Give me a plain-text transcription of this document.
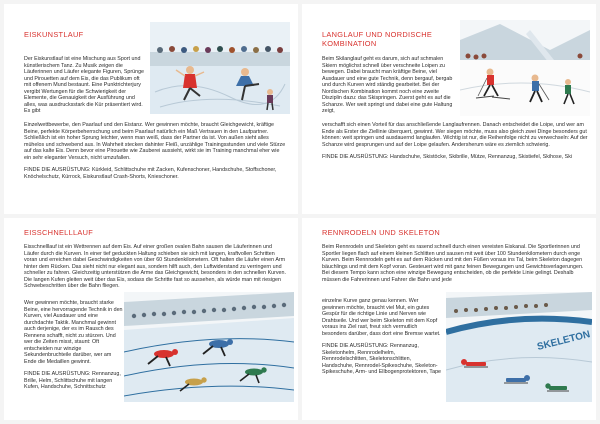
EISKUNSTLAUF

Der Eiskunstlauf ist eine Mischung aus Sport und künstlerischem Tanz. Zu Musik zeigen die Läuferinnen und Läufer elegante Figuren, Sprünge und Pirouetten auf dem Eis, die das Publikum oft mit offenem Mund bestaunt. Eine Punktrichterjury vergibt Wertungen für die Schwierigkeit der Elemente, die Genauigkeit der Ausführung und alles, was ausdrucksstark die Kür präsentiert wird. Es gibt

Einzelwettbewerbe, den Paarlauf und den Eistanz. Wer gewinnen möchte, braucht Gleichgewicht, kräftige Beine, perfekte Körperbeherrschung und beim Paarlauf natürlich ein Maß Vertrauen in den Laufpartner. Schließlich ist ein hoher Sprung leichter, wenn man weiß, dass der Partner da ist. Von außen sieht alles mühelos und schwebend aus. In Wahrheit stecken dahinter Fleiß, unzählige Trainingsstunden und viele Stürze auf das kalte Eis. Denn bevor eine Pirouette wie Zauberei aussieht, wirkt sie im Training manchmal eher wie ein sehr eleganter Versuch, nicht umzufallen.

FINDE DIE AUSRÜSTUNG: Kürkleid, Schlittschuhe mit Zacken, Kufenschoner, Handschuhe, Stoffschoner, Knöchelschutz, Kürrock, Eiskunstlauf Crash-Shorts, Knieschoner.

LANGLAUF UND NORDISCHE KOMBINATION

Beim Skilanglauf geht es darum, sich auf schmalen Skiern möglichst schnell über verschneite Loipen zu bewegen. Dabei braucht man kräftige Beine, viel Ausdauer und eine gute Technik, denn bergauf, bergab und durch Kurven wird ständig gearbeitet. Bei der Nordischen Kombination kommt noch eine zweite Disziplin dazu: das Skispringen. Zuerst geht es auf die Schanze. Wer weit springt und dabei eine gute Haltung zeigt,

verschafft sich einen Vorteil für das anschließende Langlaufrennen. Danach entscheidet die Loipe, und wer am Ende als Erster die Ziellinie überquert, gewinnt. Wer siegen möchte, muss also gleich zwei Dinge besonders gut können: weit springen und ausdauernd langlaufen. Wichtig ist nur, die Reihenfolge nicht zu verwechseln: Auf der Schanze wird gesprungen und auf der Loipe gelaufen. Andersherum wäre es ziemlich schwierig.

FINDE DIE AUSRÜSTUNG: Handschuhe, Skistöcke, Skibrille, Mütze, Rennanzug, Skistiefel, Skihose, Ski

EISSCHNELLLAUF

Eisschnelllauf ist ein Wettrennen auf dem Eis. Auf einer großen ovalen Bahn sausen die Läuferinnen und Läufer durch die Kurven. In einer tief geduckten Haltung schieben sie sich mit langen, kraftvollen Schritten voran und erreichen dabei Geschwindigkeiten von über 60 Stundenkilometern. Oft halten die Läufer einen Arm hinter dem Rücken. Das sieht nicht nur elegant aus, sondern hilft auch, den Luftwiderstand zu verringern und schneller zu fahren. Gleichzeitig unterstützen die Arme das Gleichgewicht, besonders in den schnellen Kurven. Die langen Kufen gleiten weit über das Eis, sodass die Schritte fast so aussehen, als würde man mit riesigen Schwebeschritten über die Bahn fliegen.

Wer gewinnen möchte, braucht starke Beine, eine hervorragende Technik in den Kurven, viel Ausdauer und eine durchdachte Taktik. Manchmal gewinnt auch derjenige, der es im Rausch des Rennens schafft, nicht zu stürzen. Und wer die Zeiten misst, staunt: Oft entscheiden nur winzige Sekundenbruchteile darüber, wer am Ende die Medaillen gewinnt.

FINDE DIE AUSRÜSTUNG: Rennanzug, Brille, Helm, Schlittschuhe mit langen Kufen, Handschuhe, Schnittschutz

RENNRODELN UND SKELETON

Beim Rennrodeln und Skeleton geht es rasend schnell durch einen vereisten Eiskanal. Die Sportlerinnen und Sportler liegen flach auf einem kleinen Schlitten und sausen mit weit über 100 Stundenkilometern durch enge Kurven. Beim Rennrodeln geht es auf dem Rücken und mit den Füßen voraus ins Tal, beim Skeleton dagegen bäuchlings und mit dem Kopf voran. Gesteuert wird mit ganz feinen Bewegungen und Gewichtsverlagerungen. Bei diesem Tempo kann schon eine winzige Bewegung entscheiden, ob die perfekte Linie gelingt. Deshalb müssen die Fahrerinnen und Fahrer die Bahn und jede

einzelne Kurve ganz genau kennen. Wer gewinnen möchte, braucht viel Mut, ein gutes Gespür für die richtige Linie und Nerven wie Drahtseile. Und wer beim Skeleton mit dem Kopf voraus ins Ziel rast, freut sich vermutlich besonders darüber, dass dort eine Bremse wartet.

FINDE DIE AUSRÜSTUNG: Rennanzug, Skeletonhelm, Rennrodelhelm, Rennrodelschlitten, Skeletonschlitten, Handschuhe, Rennrodel-Spikeschuhe, Skeleton-Spikeschuhe, Arm- und Ellbogenprotektoren, Tape

SKELETON
